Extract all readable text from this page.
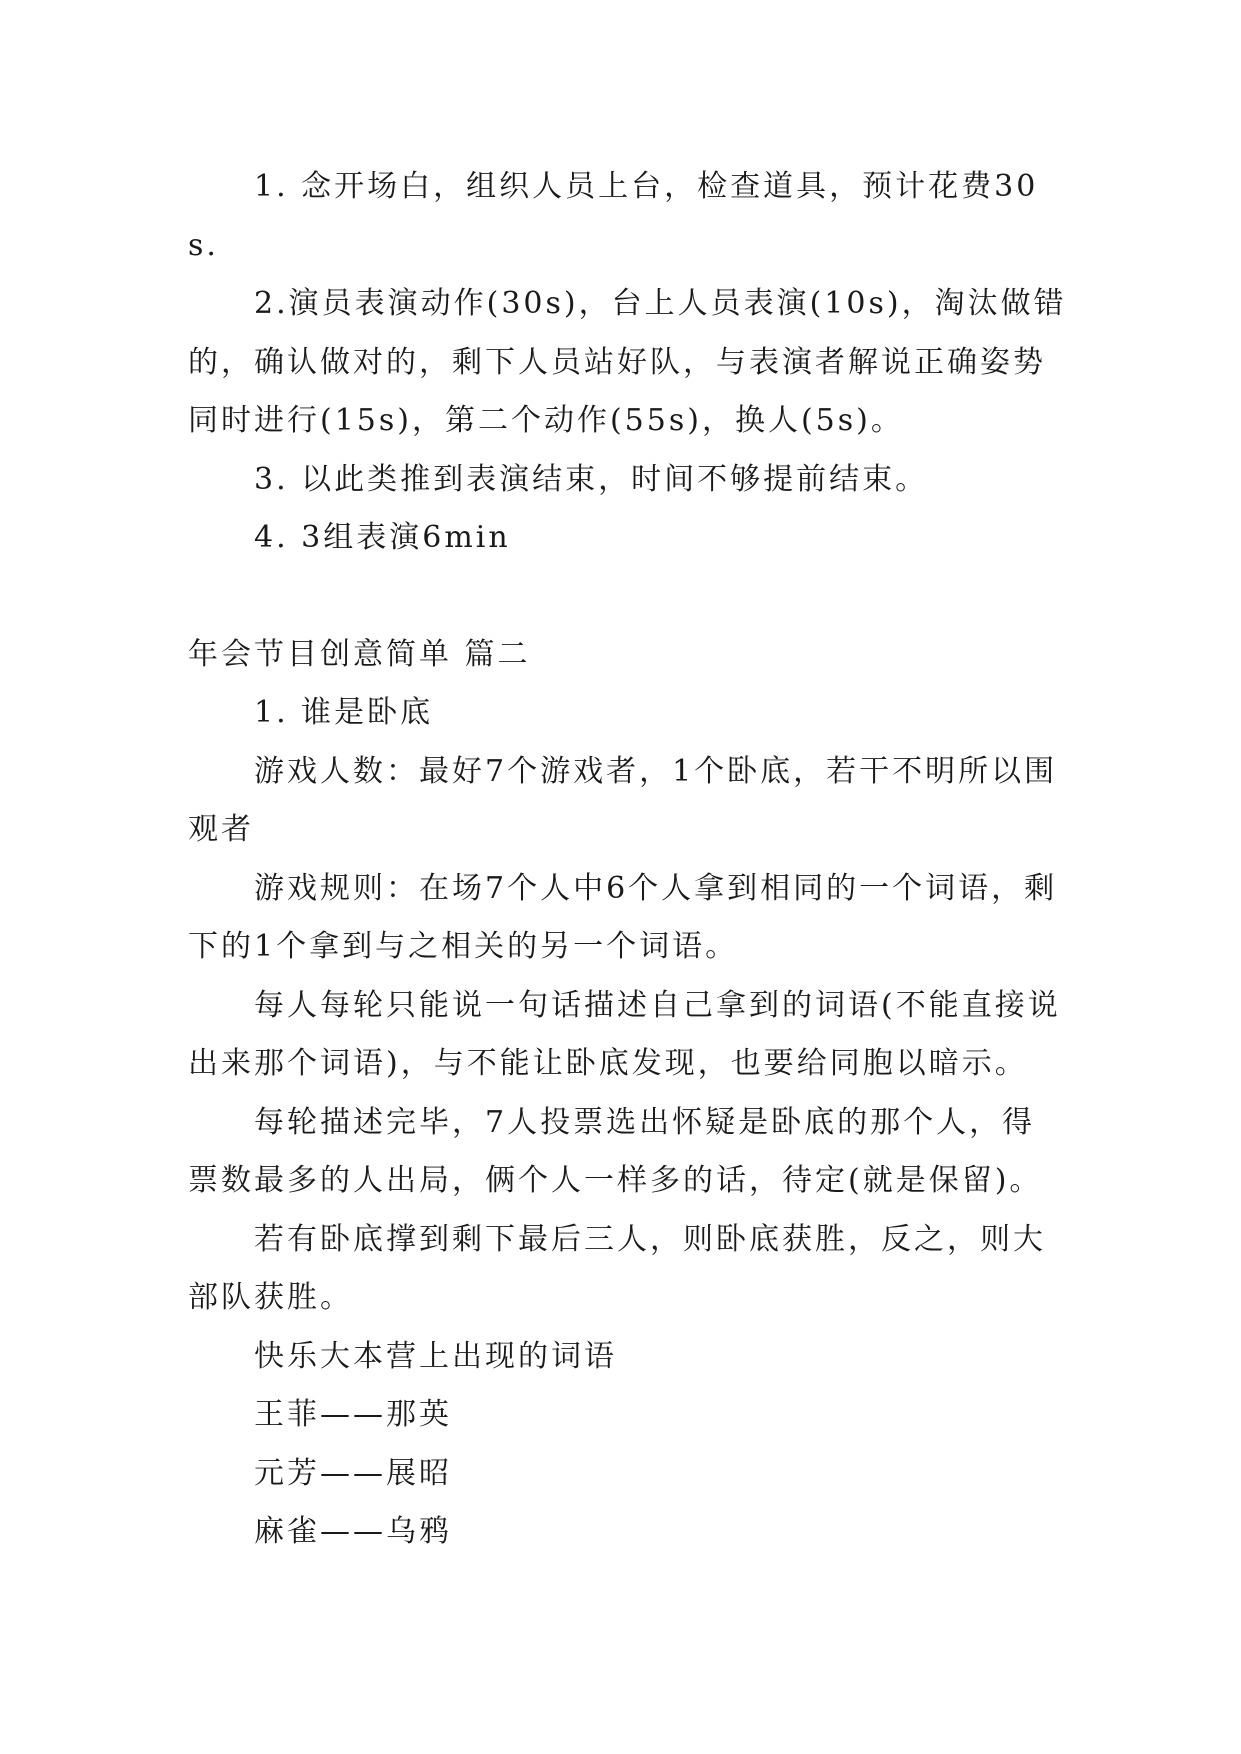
1. 念开场白，组织人员上台，检查道具，预计花费30s.

2.演员表演动作(30s)，台上人员表演(10s)，淘汰做错的，确认做对的，剩下人员站好队，与表演者解说正确姿势同时进行(15s)，第二个动作(55s)，换人(5s)。

3. 以此类推到表演结束，时间不够提前结束。

4. 3组表演6min

年会节目创意简单 篇二

1. 谁是卧底

游戏人数：最好7个游戏者，1个卧底，若干不明所以围观者

游戏规则：在场7个人中6个人拿到相同的一个词语，剩下的1个拿到与之相关的另一个词语。

每人每轮只能说一句话描述自己拿到的词语(不能直接说出来那个词语)，与不能让卧底发现，也要给同胞以暗示。

每轮描述完毕，7人投票选出怀疑是卧底的那个人，得票数最多的人出局，俩个人一样多的话，待定(就是保留)。

若有卧底撑到剩下最后三人，则卧底获胜，反之，则大部队获胜。

快乐大本营上出现的词语

王菲——那英

元芳——展昭

麻雀——乌鸦
